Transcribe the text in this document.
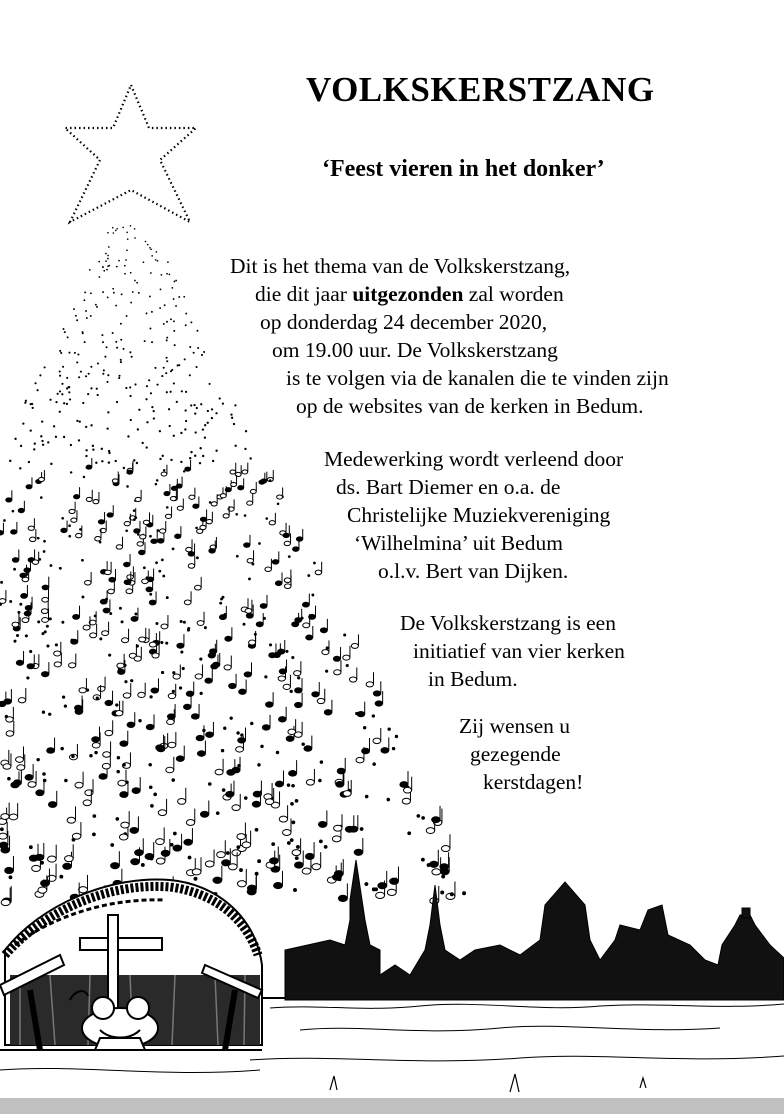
VOLKSKERSTZANG
‘Feest vieren in het donker’
Dit is het thema van de Volkskerstzang,
die dit jaar uitgezonden zal worden
op donderdag 24 december 2020,
om 19.00 uur. De Volkskerstzang
is te volgen via de kanalen die te vinden zijn
op de websites van de kerken in Bedum.
Medewerking wordt verleend door
ds. Bart Diemer en o.a. de
Christelijke Muziekvereniging
‘Wilhelmina’ uit Bedum
o.l.v. Bert van Dijken.
De Volkskerstzang is een
initiatief van vier kerken
in Bedum.
Zij wensen u
gezegende
kerstdagen!
